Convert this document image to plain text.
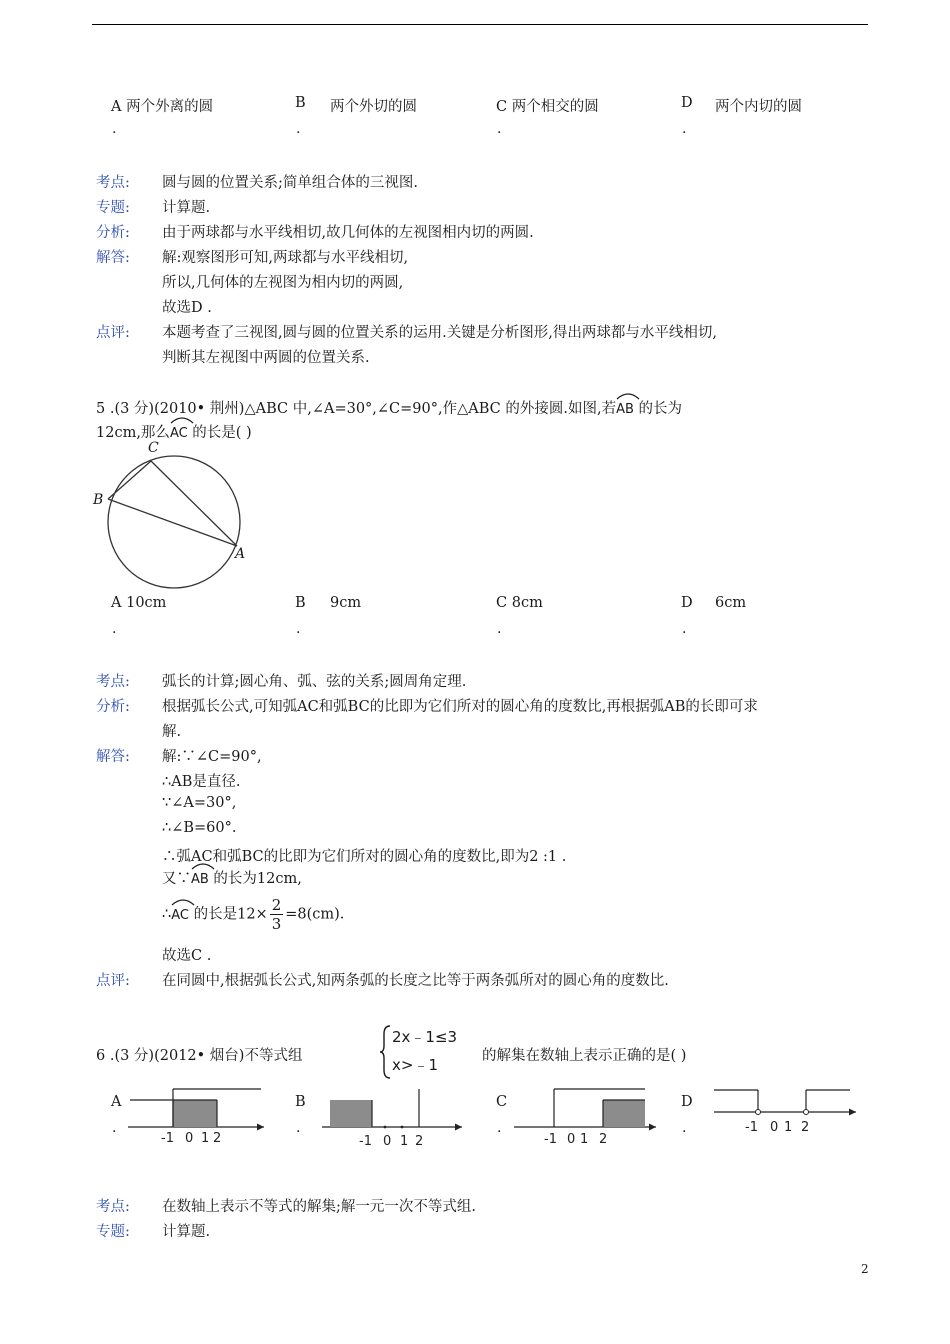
A 两个外离的圆
.
B 两个外切的圆
.
C 两个相交的圆
.
D 两个内切的圆
.
考点: 圆与圆的位置关系;简单组合体的三视图.
专题: 计算题.
分析: 由于两球都与水平线相切,故几何体的左视图相内切的两圆.
解答: 解:观察图形可知,两球都与水平线相切,
所以,几何体的左视图为相内切的两圆,
故选D .
点评: 本题考查了三视图,圆与圆的位置关系的运用.关键是分析图形,得出两球都与水平线相切,
判断其左视图中两圆的位置关系.
5 .(3 分)(2010• 荆州)△ABC 中,∠A=30°,∠C=90°,作△ABC 的外接圆.如图,若
AB 的长为
12cm,那么
AC 的长是( )
C
B
A
A 10cm
.
B 9cm
.
C 8cm
.
D 6cm
.
考点: 弧长的计算;圆心角、弧、弦的关系;圆周角定理.
分析: 根据弧长公式,可知弧AC和弧BC的比即为它们所对的圆心角的度数比,再根据弧AB的长即可求
解.
解答: 解:∵∠C=90°,
∴AB是直径.
∵∠A=30°,
∴∠B=60°.
∴弧AC和弧BC的比即为它们所对的圆心角的度数比,即为2 :1 .
又∵
AB 的长为12cm,
∴
AC 的长是$12\times \frac{2}{3} =8(cm)$.
故选C .
点评: 在同圆中,根据弧长公式,知两条弧的长度之比等于两条弧所对的圆心角的度数比.
6 .(3 分)(2012• 烟台)不等式组
2x﹣1≤3
x>﹣1	的解集在数轴上表示正确的是( )
A
.
B
.
C
.
D
.
-1 0 1 2	-1 0 1 2	-1 0 1 2
-1 0 1 2
考点: 在数轴上表示不等式的解集;解一元一次不等式组.
专题: 计算题.
2
